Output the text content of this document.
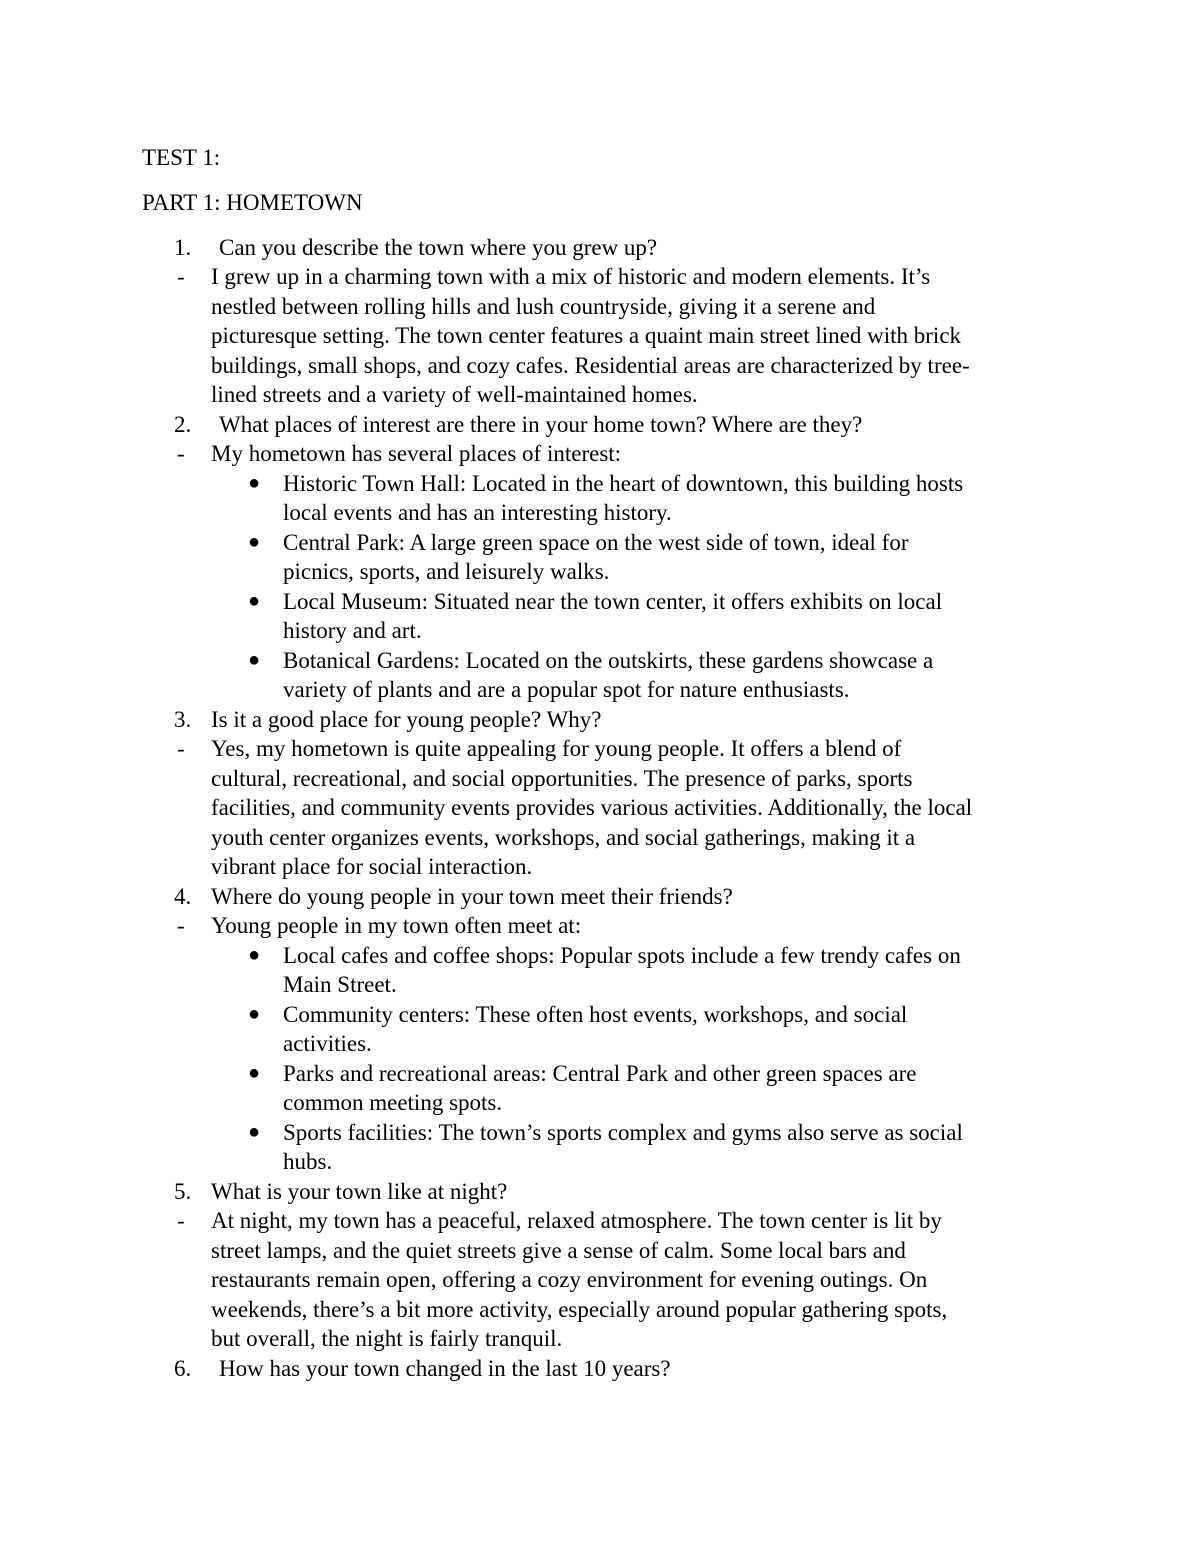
TEST 1:
PART 1: HOMETOWN
1. Can you describe the town where you grew up?
- I grew up in a charming town with a mix of historic and modern elements. It’s
nestled between rolling hills and lush countryside, giving it a serene and
picturesque setting. The town center features a quaint main street lined with brick
buildings, small shops, and cozy cafes. Residential areas are characterized by tree-
lined streets and a variety of well-maintained homes.
2. What places of interest are there in your home town? Where are they?
- My hometown has several places of interest:
● Historic Town Hall: Located in the heart of downtown, this building hosts
local events and has an interesting history.
● Central Park: A large green space on the west side of town, ideal for
picnics, sports, and leisurely walks.
● Local Museum: Situated near the town center, it offers exhibits on local
history and art.
● Botanical Gardens: Located on the outskirts, these gardens showcase a
variety of plants and are a popular spot for nature enthusiasts.
3. Is it a good place for young people? Why?
- Yes, my hometown is quite appealing for young people. It offers a blend of
cultural, recreational, and social opportunities. The presence of parks, sports
facilities, and community events provides various activities. Additionally, the local
youth center organizes events, workshops, and social gatherings, making it a
vibrant place for social interaction.
4. Where do young people in your town meet their friends?
- Young people in my town often meet at:
● Local cafes and coffee shops: Popular spots include a few trendy cafes on
Main Street.
● Community centers: These often host events, workshops, and social
activities.
● Parks and recreational areas: Central Park and other green spaces are
common meeting spots.
● Sports facilities: The town’s sports complex and gyms also serve as social
hubs.
5. What is your town like at night?
- At night, my town has a peaceful, relaxed atmosphere. The town center is lit by
street lamps, and the quiet streets give a sense of calm. Some local bars and
restaurants remain open, offering a cozy environment for evening outings. On
weekends, there’s a bit more activity, especially around popular gathering spots,
but overall, the night is fairly tranquil.
6. How has your town changed in the last 10 years?
